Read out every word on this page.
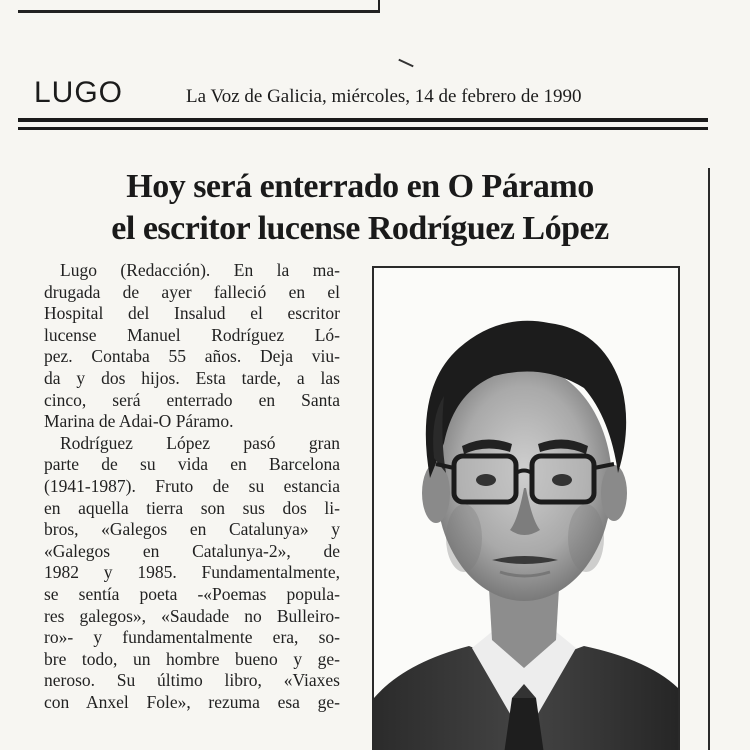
LUGO	La Voz de Galicia, miércoles, 14 de febrero de 1990
Hoy será enterrado en O Páramo
el escritor lucense Rodríguez López

Lugo (Redacción). En la ma-
drugada de ayer falleció en el
Hospital del Insalud el escritor
lucense Manuel Rodríguez Ló-
pez. Contaba 55 años. Deja viu-
da y dos hijos. Esta tarde, a las
cinco, será enterrado en Santa
Marina de Adai-O Páramo.

Rodríguez López pasó gran
parte de su vida en Barcelona
(1941-1987). Fruto de su estancia
en aquella tierra son sus dos li-
bros, «Galegos en Catalunya» y
«Galegos en Catalunya-2», de
1982 y 1985. Fundamentalmente,
se sentía poeta -«Poemas popula-
res galegos», «Saudade no Bulleiro-
ro»- y fundamentalmente era, so-
bre todo, un hombre bueno y ge-
neroso. Su último libro, «Viaxes
con Anxel Fole», rezuma esa ge-
